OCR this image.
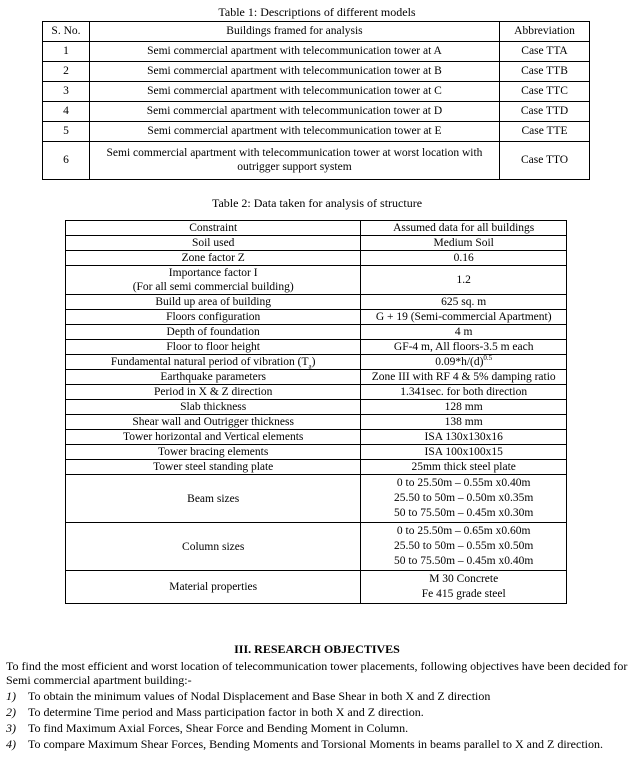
Table 1: Descriptions of different models
S. No.	Buildings framed for analysis	Abbreviation
1	Semi commercial apartment with telecommunication tower at A	Case TTA
2	Semi commercial apartment with telecommunication tower at B	Case TTB
3	Semi commercial apartment with telecommunication tower at C	Case TTC
4	Semi commercial apartment with telecommunication tower at D	Case TTD
5	Semi commercial apartment with telecommunication tower at E	Case TTE
6	Semi commercial apartment with telecommunication tower at worst location with
outrigger support system	Case TTO
Table 2: Data taken for analysis of structure
Constraint	Assumed data for all buildings
Soil used	Medium Soil
Zone factor Z	0.16

Importance factor I
(For all semi commercial building)	1.2
Build up area of building	625 sq. m
Floors configuration	G + 19 (Semi-commercial Apartment)
Depth of foundation	4 m
Floor to floor height	GF-4 m, All floors-3.5 m each
Fundamental natural period of vibration $(T_a)$	$0.09*h/(d)^{0.5}$
Earthquake parameters	Zone III with RF 4 & 5% damping ratio
Period in X & Z direction	1.341sec. for both direction
Slab thickness	128 mm
Shear wall and Outrigger thickness	138 mm
Tower horizontal and Vertical elements	ISA 130x130x16
Tower bracing elements	ISA 100x100x15
Tower steel standing plate	25mm thick steel plate
Beam sizes	0 to 25.50m – 0.55m x0.40m
25.50 to 50m – 0.50m x0.35m
50 to 75.50m – 0.45m x0.30m

Column sizes	0 to 25.50m – 0.65m x0.60m
25.50 to 50m – 0.55m x0.50m
50 to 75.50m – 0.45m x0.40m

Material properties	M 30 Concrete
Fe 415 grade steel
III. RESEARCH OBJECTIVES
To find the most efficient and worst location of telecommunication tower placements, following objectives have been decided for Semi commercial apartment building:-
1) To obtain the minimum values of Nodal Displacement and Base Shear in both X and Z direction
2) To determine Time period and Mass participation factor in both X and Z direction.
3) To find Maximum Axial Forces, Shear Force and Bending Moment in Column.
4) To compare Maximum Shear Forces, Bending Moments and Torsional Moments in beams parallel to X and Z direction.
